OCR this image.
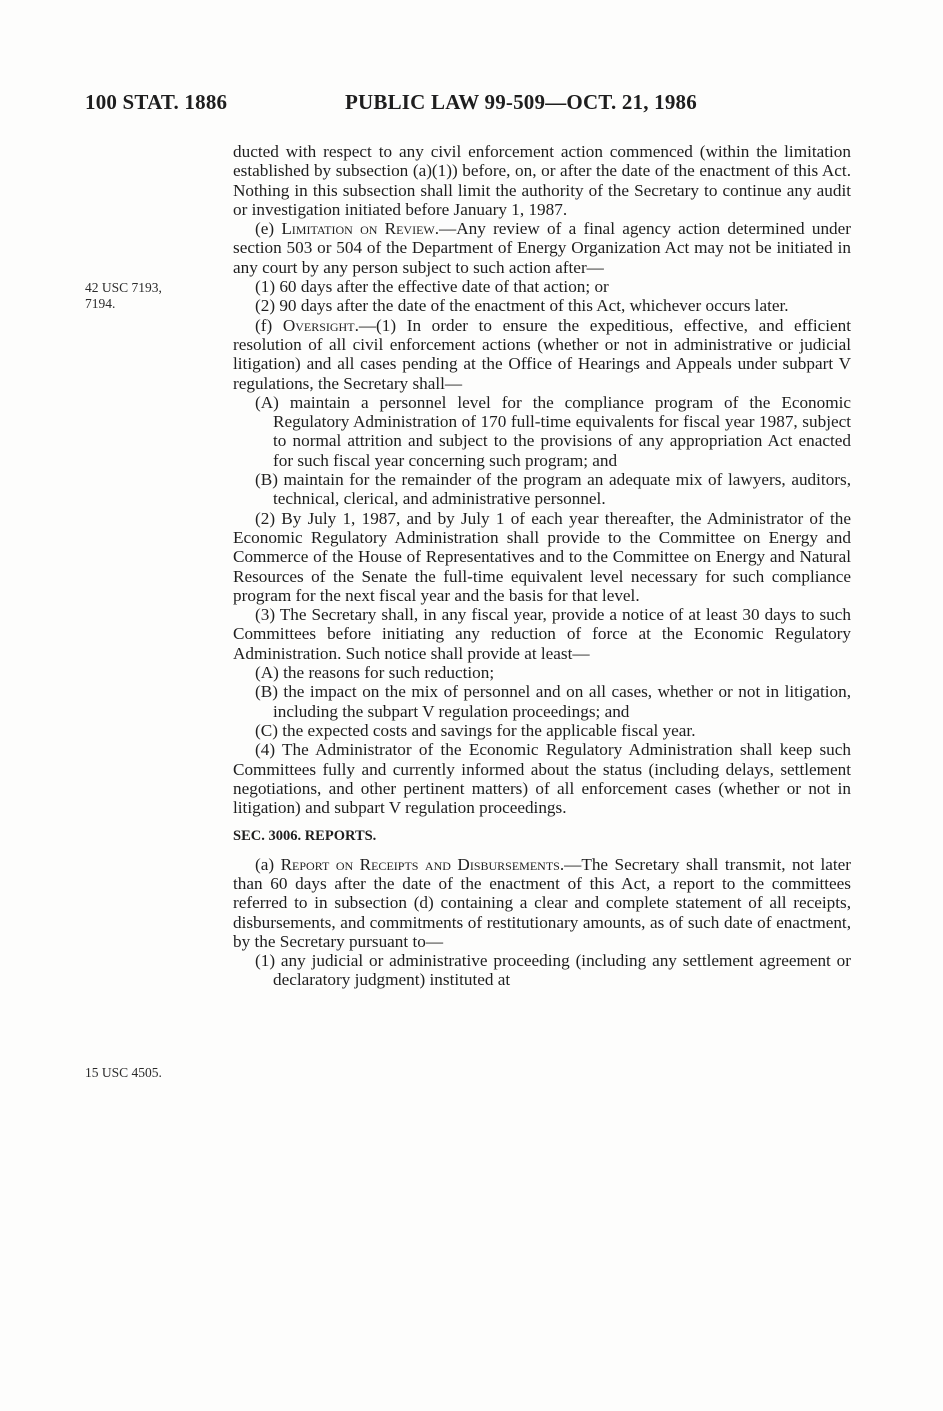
100 STAT. 1886	PUBLIC LAW 99-509—OCT. 21, 1986
42 USC 7193,
7194.
15 USC 4505.

ducted with respect to any civil enforcement action commenced (within the limitation established by subsection (a)(1)) before, on, or after the date of the enactment of this Act. Nothing in this subsection shall limit the authority of the Secretary to continue any audit or investigation initiated before January 1, 1987.

(e) Limitation on Review.—Any review of a final agency action determined under section 503 or 504 of the Department of Energy Organization Act may not be initiated in any court by any person subject to such action after—

(1) 60 days after the effective date of that action; or

(2) 90 days after the date of the enactment of this Act, whichever occurs later.

(f) Oversight.—(1) In order to ensure the expeditious, effective, and efficient resolution of all civil enforcement actions (whether or not in administrative or judicial litigation) and all cases pending at the Office of Hearings and Appeals under subpart V regulations, the Secretary shall—

(A) maintain a personnel level for the compliance program of the Economic Regulatory Administration of 170 full-time equivalents for fiscal year 1987, subject to normal attrition and subject to the provisions of any appropriation Act enacted for such fiscal year concerning such program; and

(B) maintain for the remainder of the program an adequate mix of lawyers, auditors, technical, clerical, and administrative personnel.

(2) By July 1, 1987, and by July 1 of each year thereafter, the Administrator of the Economic Regulatory Administration shall provide to the Committee on Energy and Commerce of the House of Representatives and to the Committee on Energy and Natural Resources of the Senate the full-time equivalent level necessary for such compliance program for the next fiscal year and the basis for that level.

(3) The Secretary shall, in any fiscal year, provide a notice of at least 30 days to such Committees before initiating any reduction of force at the Economic Regulatory Administration. Such notice shall provide at least—

(A) the reasons for such reduction;

(B) the impact on the mix of personnel and on all cases, whether or not in litigation, including the subpart V regulation proceedings; and

(C) the expected costs and savings for the applicable fiscal year.

(4) The Administrator of the Economic Regulatory Administration shall keep such Committees fully and currently informed about the status (including delays, settlement negotiations, and other pertinent matters) of all enforcement cases (whether or not in litigation) and subpart V regulation proceedings.

SEC. 3006. REPORTS.

(a) Report on Receipts and Disbursements.—The Secretary shall transmit, not later than 60 days after the date of the enactment of this Act, a report to the committees referred to in subsection (d) containing a clear and complete statement of all receipts, disbursements, and commitments of restitutionary amounts, as of such date of enactment, by the Secretary pursuant to—

(1) any judicial or administrative proceeding (including any settlement agreement or declaratory judgment) instituted at
